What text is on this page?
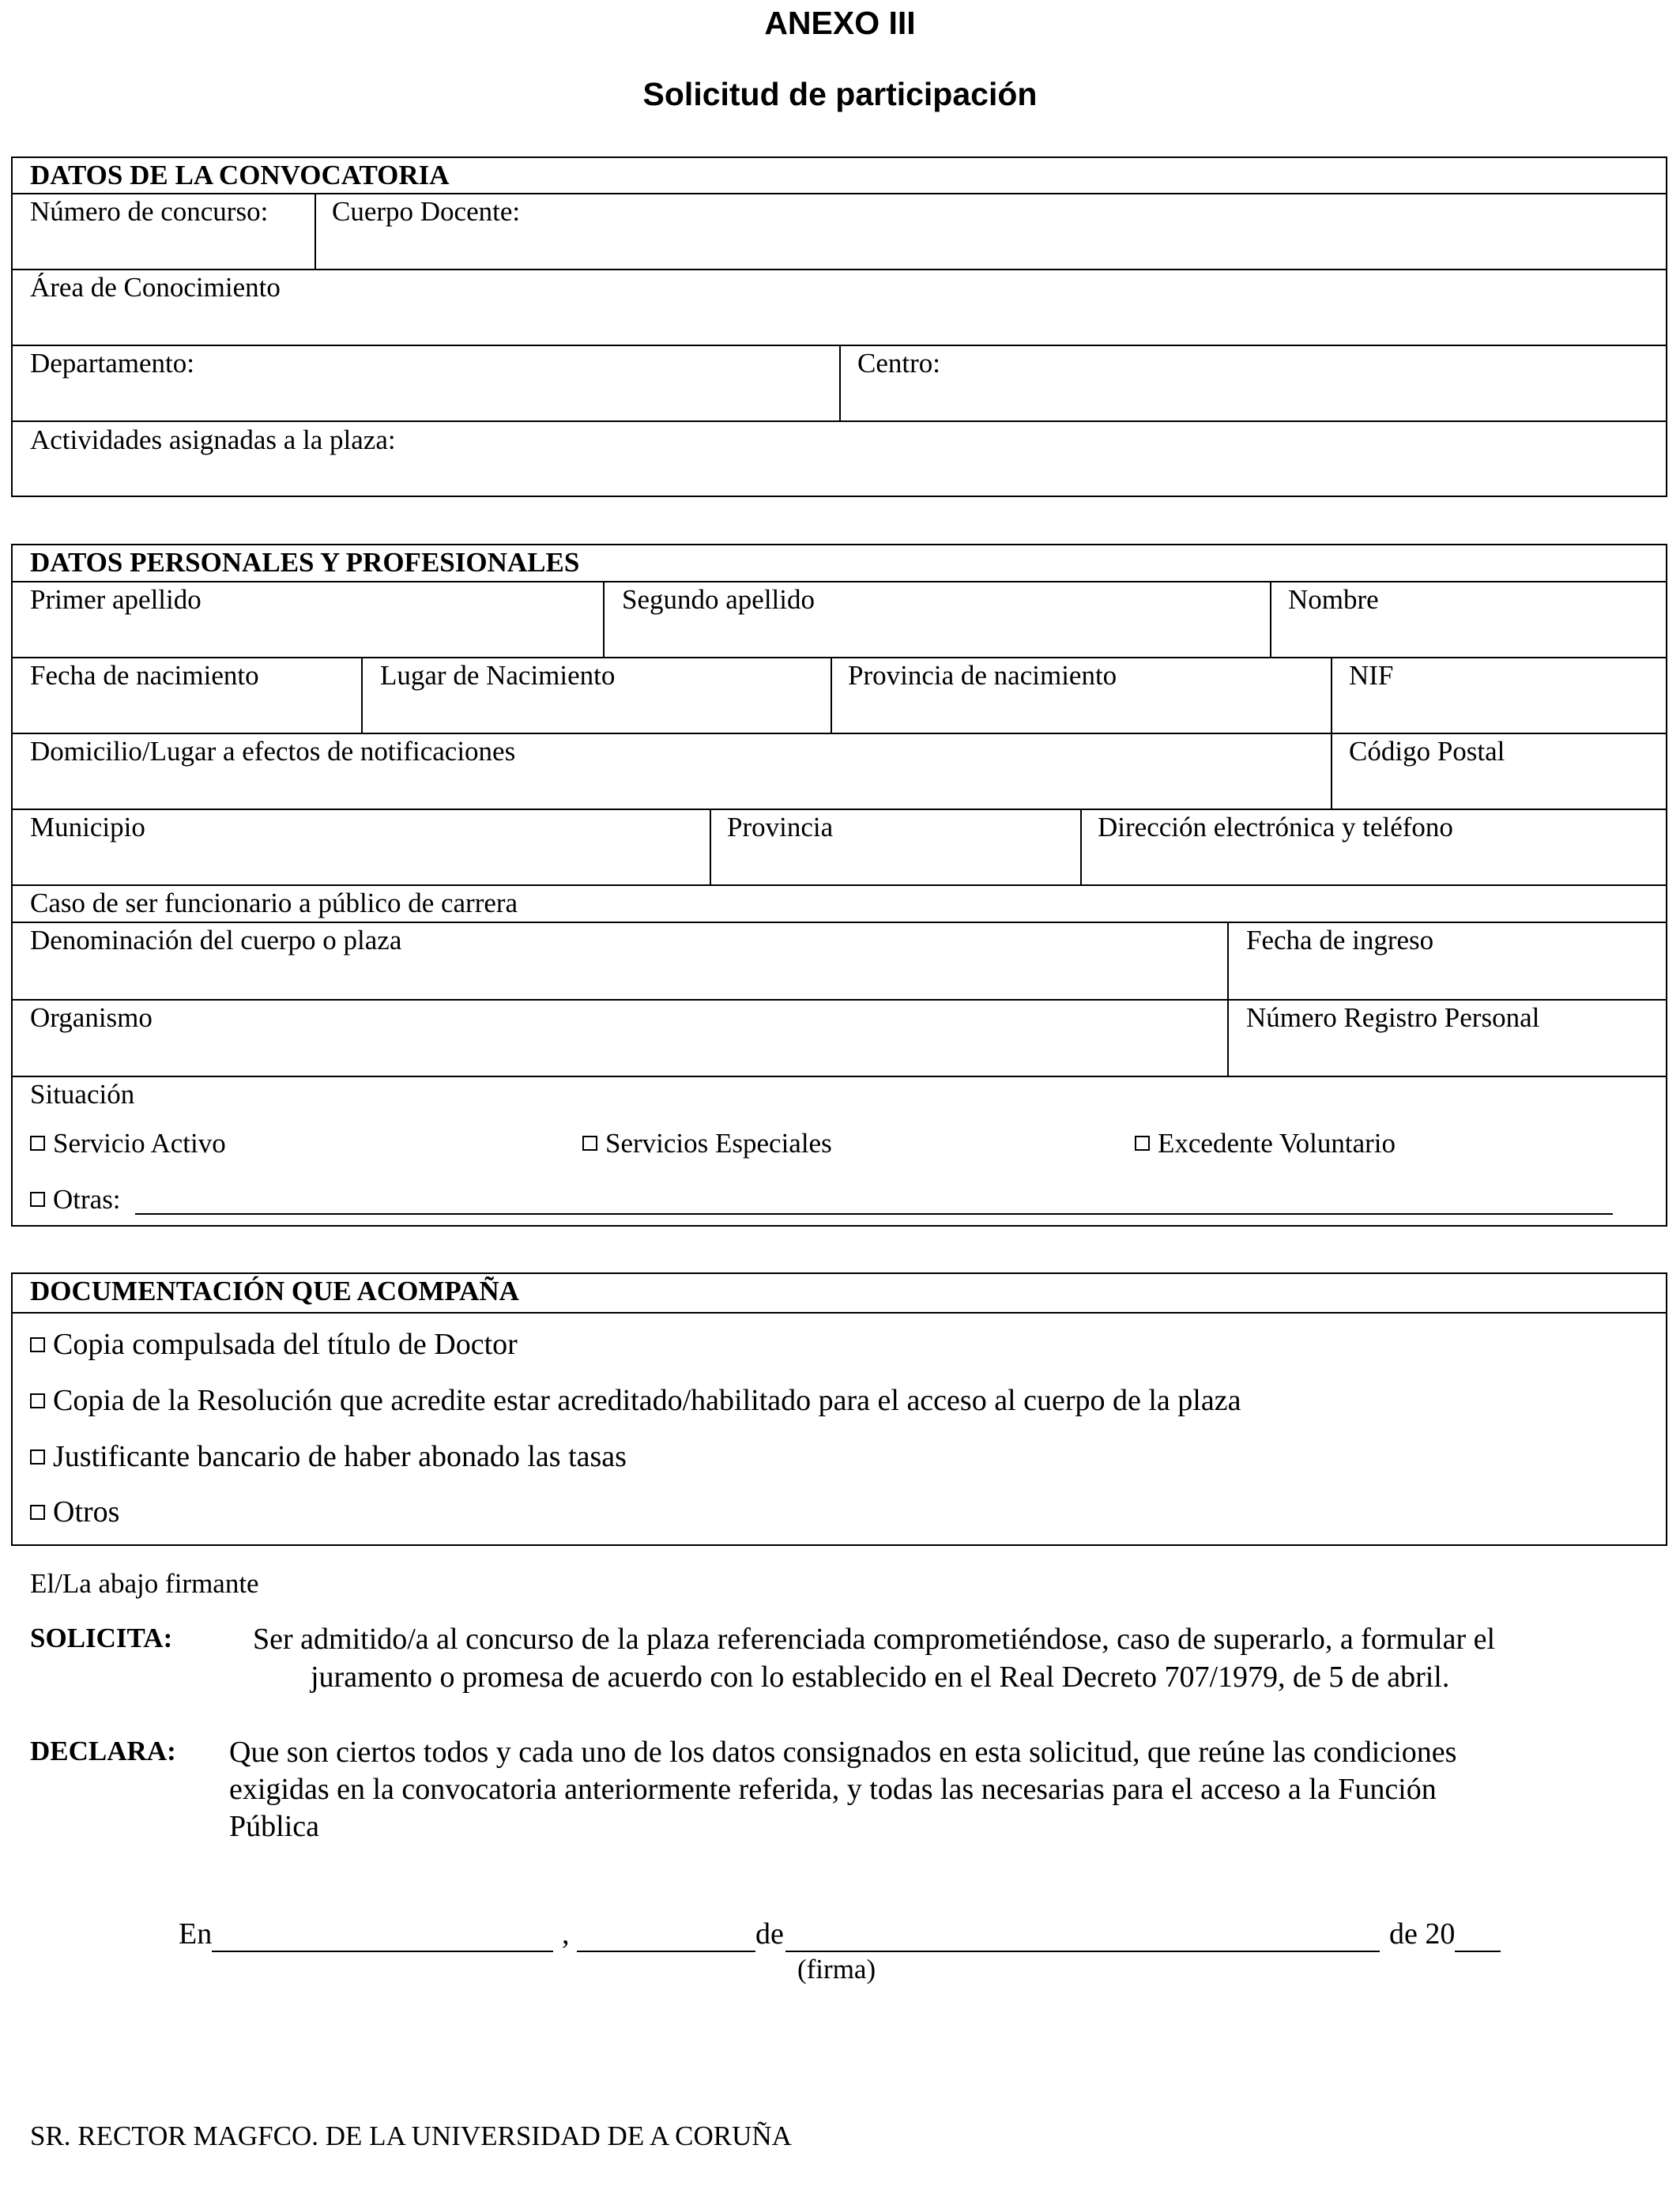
ANEXO III
Solicitud de participación
DATOS DE LA CONVOCATORIA
Número de concurso: Cuerpo Docente:
Área de Conocimiento
Departamento:	Centro:
Actividades asignadas a la plaza:
DATOS PERSONALES Y PROFESIONALES
Primer apellido	Segundo apellido	Nombre
Fecha de nacimiento	Lugar de Nacimiento	Provincia de nacimiento	NIF
Domicilio/Lugar a efectos de notificaciones	Código Postal
Municipio	Provincia	Dirección electrónica y teléfono
Caso de ser funcionario a público de carrera
Denominación del cuerpo o plaza	Fecha de ingreso
Organismo	Número Registro Personal
Situación
Servicio Activo	Servicios Especiales	Excedente Voluntario
Otras:
DOCUMENTACIÓN QUE ACOMPAÑA
Copia compulsada del título de Doctor
Copia de la Resolución que acredite estar acreditado/habilitado para el acceso al cuerpo de la plaza
Justificante bancario de haber abonado las tasas
Otros
El/La abajo firmante
SOLICITA:	Ser admitido/a al concurso de la plaza referenciada comprometiéndose, caso de superarlo, a formular el
juramento o promesa de acuerdo con lo establecido en el Real Decreto 707/1979, de 5 de abril.
DECLARA: Que son ciertos todos y cada uno de los datos consignados en esta solicitud, que reúne las condiciones
exigidas en la convocatoria anteriormente referida, y todas las necesarias para el acceso a la Función
Pública
En	,	de	de 20
(firma)
SR. RECTOR MAGFCO. DE LA UNIVERSIDAD DE A CORUÑA
